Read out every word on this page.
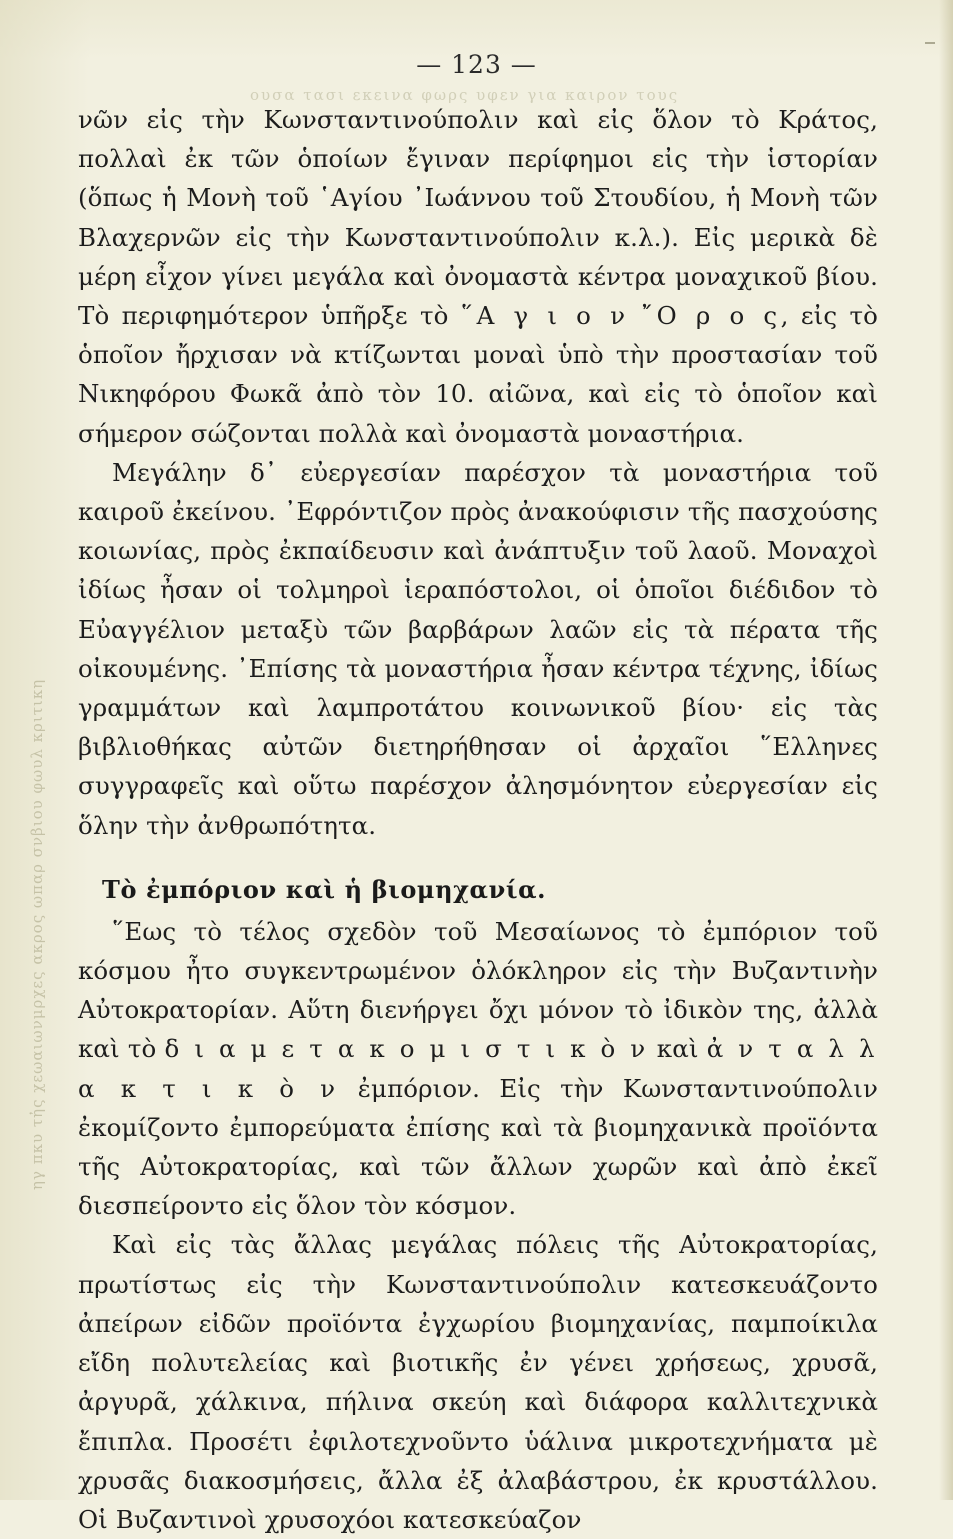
ουσα τασι εκεινα φωρς υφεν για καιρον τους
ηγ πκυ τἠς χεωαιωνμρχες ακρος ωπαρ σνβιου φωυλ κριτικη
— 123 —

νῶν εἰς τὴν Κωνσταντινούπολιν καὶ εἰς ὅλον τὸ Κράτος, πολλαὶ ἐκ τῶν ὁποίων ἔγιναν περίφημοι εἰς τὴν ἱστορίαν (ὅπως ἡ Μονὴ τοῦ ῾Αγίου ᾿Ιωάννου τοῦ Στουδίου, ἡ Μονὴ τῶν Βλαχερνῶν εἰς τὴν Κωνσταντινούπολιν κ.λ.). Εἰς μερικὰ δὲ μέρη εἶχον γίνει μεγάλα καὶ ὀνομαστὰ κέντρα μοναχικοῦ βίου. Τὸ περιφημότερον ὑπῆρξε τὸ ῞Α γ ι ο ν ῎Ο ρ ο ς, εἰς τὸ ὁποῖον ἤρχισαν νὰ κτίζωνται μοναὶ ὑπὸ τὴν προστασίαν τοῦ Νικηφόρου Φωκᾶ ἀπὸ τὸν 10. αἰῶνα, καὶ εἰς τὸ ὁποῖον καὶ σήμερον σώζονται πολλὰ καὶ ὀνομαστὰ μοναστήρια.

Μεγάλην δ᾽ εὐεργεσίαν παρέσχον τὰ μοναστήρια τοῦ καιροῦ ἐκείνου. ᾿Εφρόντιζον πρὸς ἀνακούφισιν τῆς πασχούσης κοιωνίας, πρὸς ἐκπαίδευσιν καὶ ἀνάπτυξιν τοῦ λαοῦ. Μοναχοὶ ἰδίως ἦσαν οἱ τολμηροὶ ἱεραπόστολοι, οἱ ὁποῖοι διέδιδον τὸ Εὐαγγέλιον μεταξὺ τῶν βαρβάρων λαῶν εἰς τὰ πέρατα τῆς οἰκουμένης. ᾿Επίσης τὰ μοναστήρια ἦσαν κέντρα τέχνης, ἰδίως γραμμάτων καὶ λαμπροτάτου κοινωνικοῦ βίου· εἰς τὰς βιβλιοθήκας αὐτῶν διετηρήθησαν οἱ ἀρχαῖοι ῞Ελληνες συγγραφεῖς καὶ οὕτω παρέσχον ἀλησμόνητον εὐεργεσίαν εἰς ὅλην τὴν ἀνθρωπότητα.

Τὸ ἐμπόριον καὶ ἡ βιομηχανία.

῞Εως τὸ τέλος σχεδὸν τοῦ Μεσαίωνος τὸ ἐμπόριον τοῦ κόσμου ἦτο συγκεντρωμένον ὁλόκληρον εἰς τὴν Βυζαντινὴν Αὐτοκρατορίαν. Αὕτη διενήργει ὄχι μόνον τὸ ἰδικὸν της, ἀλλὰ καὶ τὸ δ ι α μ ε τ α κ ο μ ι σ τ ι κ ὸ ν καὶ ἀ ν τ α λ λ α κ τ ι κ ὸ ν ἐμπόριον. Εἰς τὴν Κωνσταντινούπολιν ἐκομίζοντο ἐμπορεύματα ἐπίσης καὶ τὰ βιομηχανικὰ προϊόντα τῆς Αὐτοκρατορίας, καὶ τῶν ἄλλων χωρῶν καὶ ἀπὸ ἐκεῖ διεσπείροντο εἰς ὅλον τὸν κόσμον.

Καὶ εἰς τὰς ἄλλας μεγάλας πόλεις τῆς Αὐτοκρατορίας, πρωτίστως εἰς τὴν Κωνσταντινούπολιν κατεσκευάζοντο ἀπείρων εἰδῶν προϊόντα ἐγχωρίου βιομηχανίας, παμποίκιλα εἴδη πολυτελείας καὶ βιοτικῆς ἐν γένει χρήσεως, χρυσᾶ, ἀργυρᾶ, χάλκινα, πήλινα σκεύη καὶ διάφορα καλλιτεχνικὰ ἔπιπλα. Προσέτι ἐφιλοτεχνοῦντο ὑάλινα μικροτεχνήματα μὲ χρυσᾶς διακοσμήσεις, ἄλλα ἐξ ἀλαβάστρου, ἐκ κρυστάλλου. Οἱ Βυζαντινοὶ χρυσοχόοι κατεσκεύαζον
